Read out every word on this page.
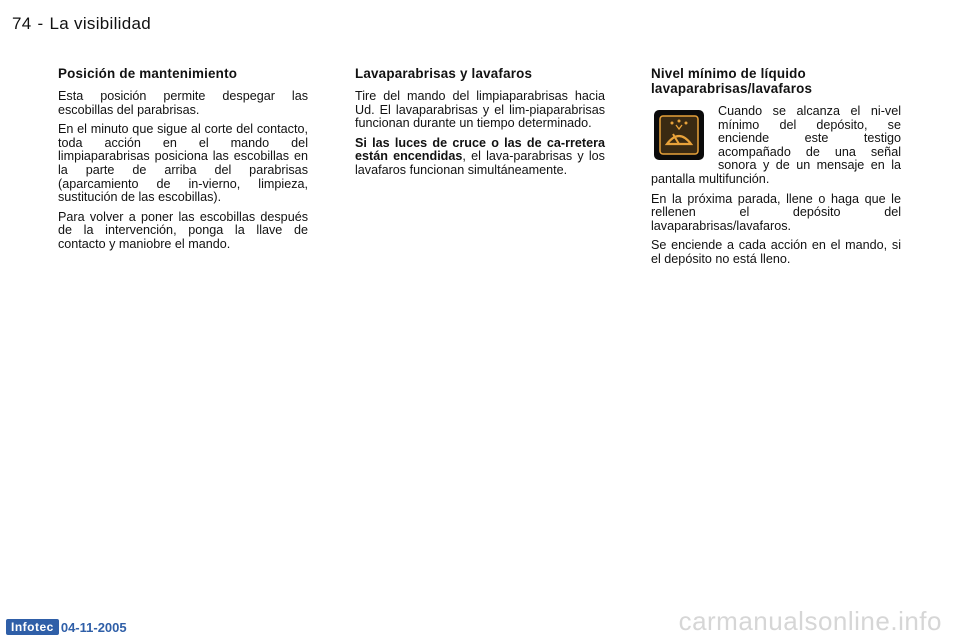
74 - La visibilidad
Posición de mantenimiento

Esta posición permite despegar las escobillas del parabrisas.

En el minuto que sigue al corte del contacto, toda acción en el mando del limpiaparabrisas posiciona las escobillas en la parte de arriba del parabrisas (aparcamiento de in-vierno, limpieza, sustitución de las escobillas).

Para volver a poner las escobillas después de la intervención, ponga la llave de contacto y maniobre el mando.

Lavaparabrisas y lavafaros

Tire del mando del limpiaparabrisas hacia Ud. El lavaparabrisas y el lim-piaparabrisas funcionan durante un tiempo determinado.

Si las luces de cruce o las de ca-rretera están encendidas, el lava-parabrisas y los lavafaros funcionan simultáneamente.

Nivel mínimo de líquido lavaparabrisas/lavafaros

Cuando se alcanza el ni-vel mínimo del depósito, se enciende este testigo acompañado de una señal sonora y de un mensaje en la pantalla multifunción.

En la próxima parada, llene o haga que le rellenen el depósito del lavaparabrisas/lavafaros.

Se enciende a cada acción en el mando, si el depósito no está lleno.

Infotec 04-11-2005	carmanualsonline.info
